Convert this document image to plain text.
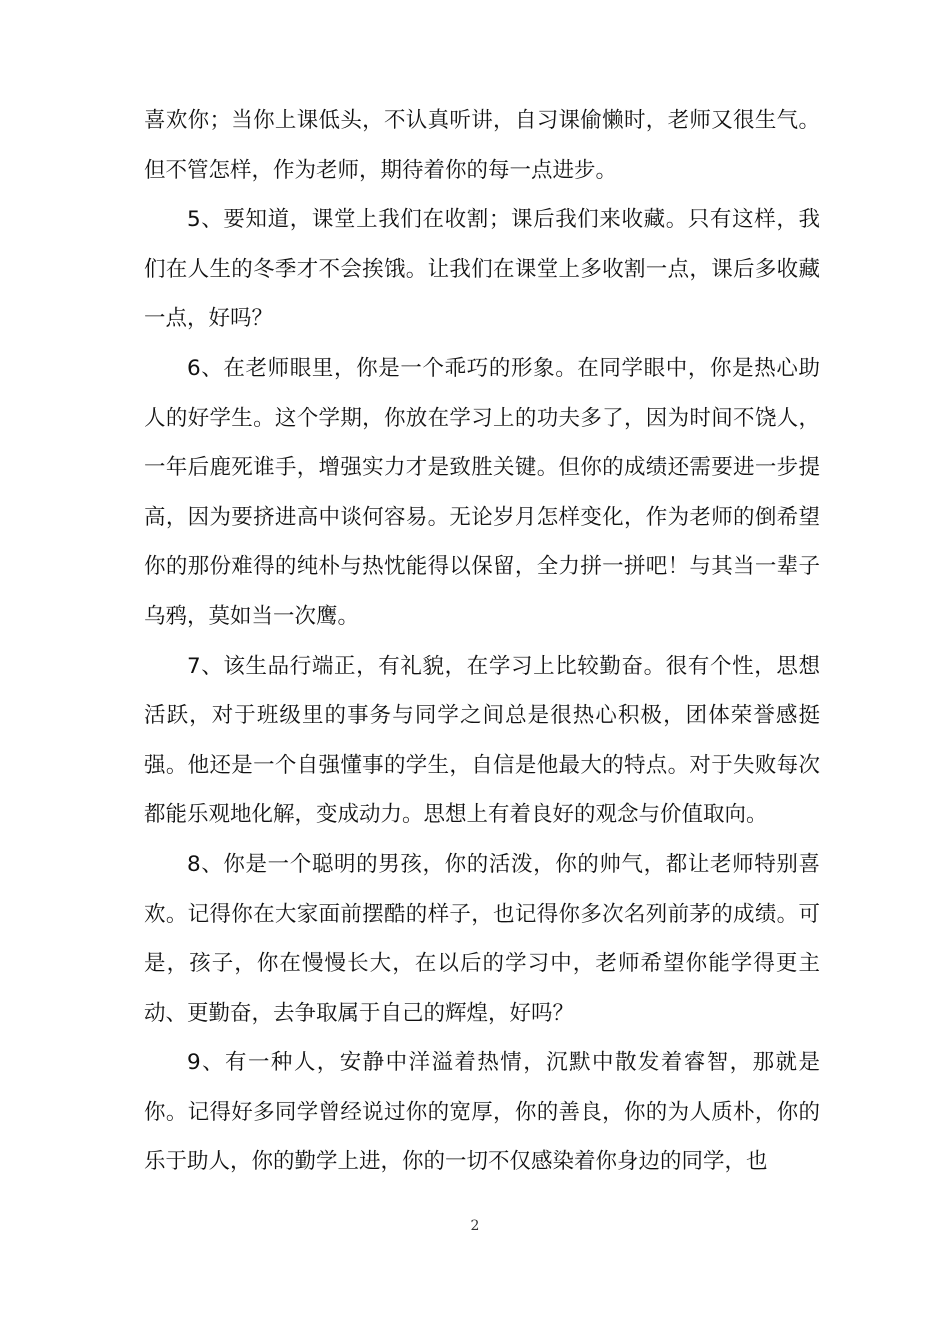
喜欢你；当你上课低头，不认真听讲，自习课偷懒时，老师又很生气。但不管怎样，作为老师，期待着你的每一点进步。

5、要知道，课堂上我们在收割；课后我们来收藏。只有这样，我们在人生的冬季才不会挨饿。让我们在课堂上多收割一点，课后多收藏一点，好吗？

6、在老师眼里，你是一个乖巧的形象。在同学眼中，你是热心助人的好学生。这个学期，你放在学习上的功夫多了，因为时间不饶人，一年后鹿死谁手，增强实力才是致胜关键。但你的成绩还需要进一步提高，因为要挤进高中谈何容易。无论岁月怎样变化，作为老师的倒希望你的那份难得的纯朴与热忱能得以保留，全力拼一拼吧！与其当一辈子乌鸦，莫如当一次鹰。

7、该生品行端正，有礼貌，在学习上比较勤奋。很有个性，思想活跃，对于班级里的事务与同学之间总是很热心积极，团体荣誉感挺强。他还是一个自强懂事的学生，自信是他最大的特点。对于失败每次都能乐观地化解，变成动力。思想上有着良好的观念与价值取向。

8、你是一个聪明的男孩，你的活泼，你的帅气，都让老师特别喜欢。记得你在大家面前摆酷的样子，也记得你多次名列前茅的成绩。可是，孩子，你在慢慢长大，在以后的学习中，老师希望你能学得更主动、更勤奋，去争取属于自己的辉煌，好吗？

9、有一种人，安静中洋溢着热情，沉默中散发着睿智，那就是你。记得好多同学曾经说过你的宽厚，你的善良，你的为人质朴，你的乐于助人，你的勤学上进，你的一切不仅感染着你身边的同学，也

2
